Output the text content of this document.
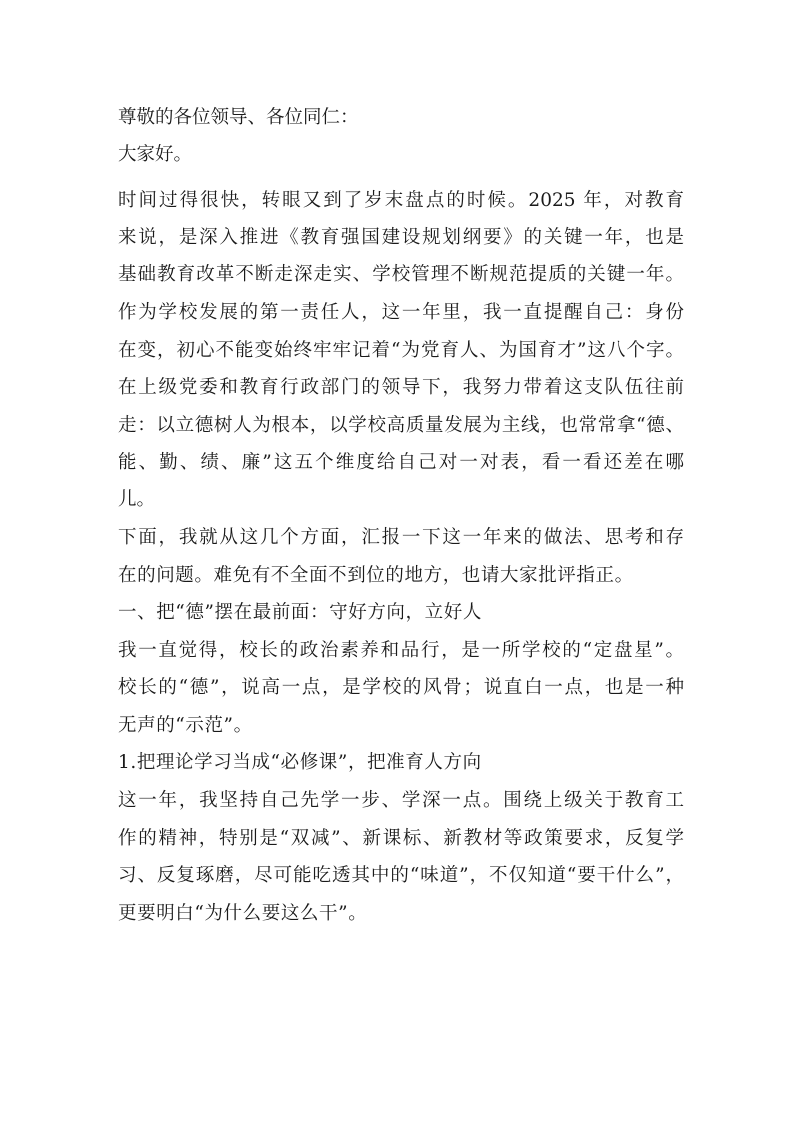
尊敬的各位领导、各位同仁：
大家好。
时间过得很快，转眼又到了岁末盘点的时候。2025 年，对教育
来说，是深入推进《教育强国建设规划纲要》的关键一年，也是
基础教育改革不断走深走实、学校管理不断规范提质的关键一年。
作为学校发展的第一责任人，这一年里，我一直提醒自己：身份
在变，初心不能变始终牢牢记着“为党育人、为国育才”这八个字。
在上级党委和教育行政部门的领导下，我努力带着这支队伍往前
走：以立德树人为根本，以学校高质量发展为主线，也常常拿“德、
能、勤、绩、廉”这五个维度给自己对一对表，看一看还差在哪
儿。
下面，我就从这几个方面，汇报一下这一年来的做法、思考和存
在的问题。难免有不全面不到位的地方，也请大家批评指正。
一、把“德”摆在最前面：守好方向，立好人
我一直觉得，校长的政治素养和品行，是一所学校的“定盘星”。
校长的“德”，说高一点，是学校的风骨；说直白一点，也是一种
无声的“示范”。
1.把理论学习当成“必修课”，把准育人方向
这一年，我坚持自己先学一步、学深一点。围绕上级关于教育工
作的精神，特别是“双减”、新课标、新教材等政策要求，反复学
习、反复琢磨，尽可能吃透其中的“味道”，不仅知道“要干什么”，
更要明白“为什么要这么干”。
